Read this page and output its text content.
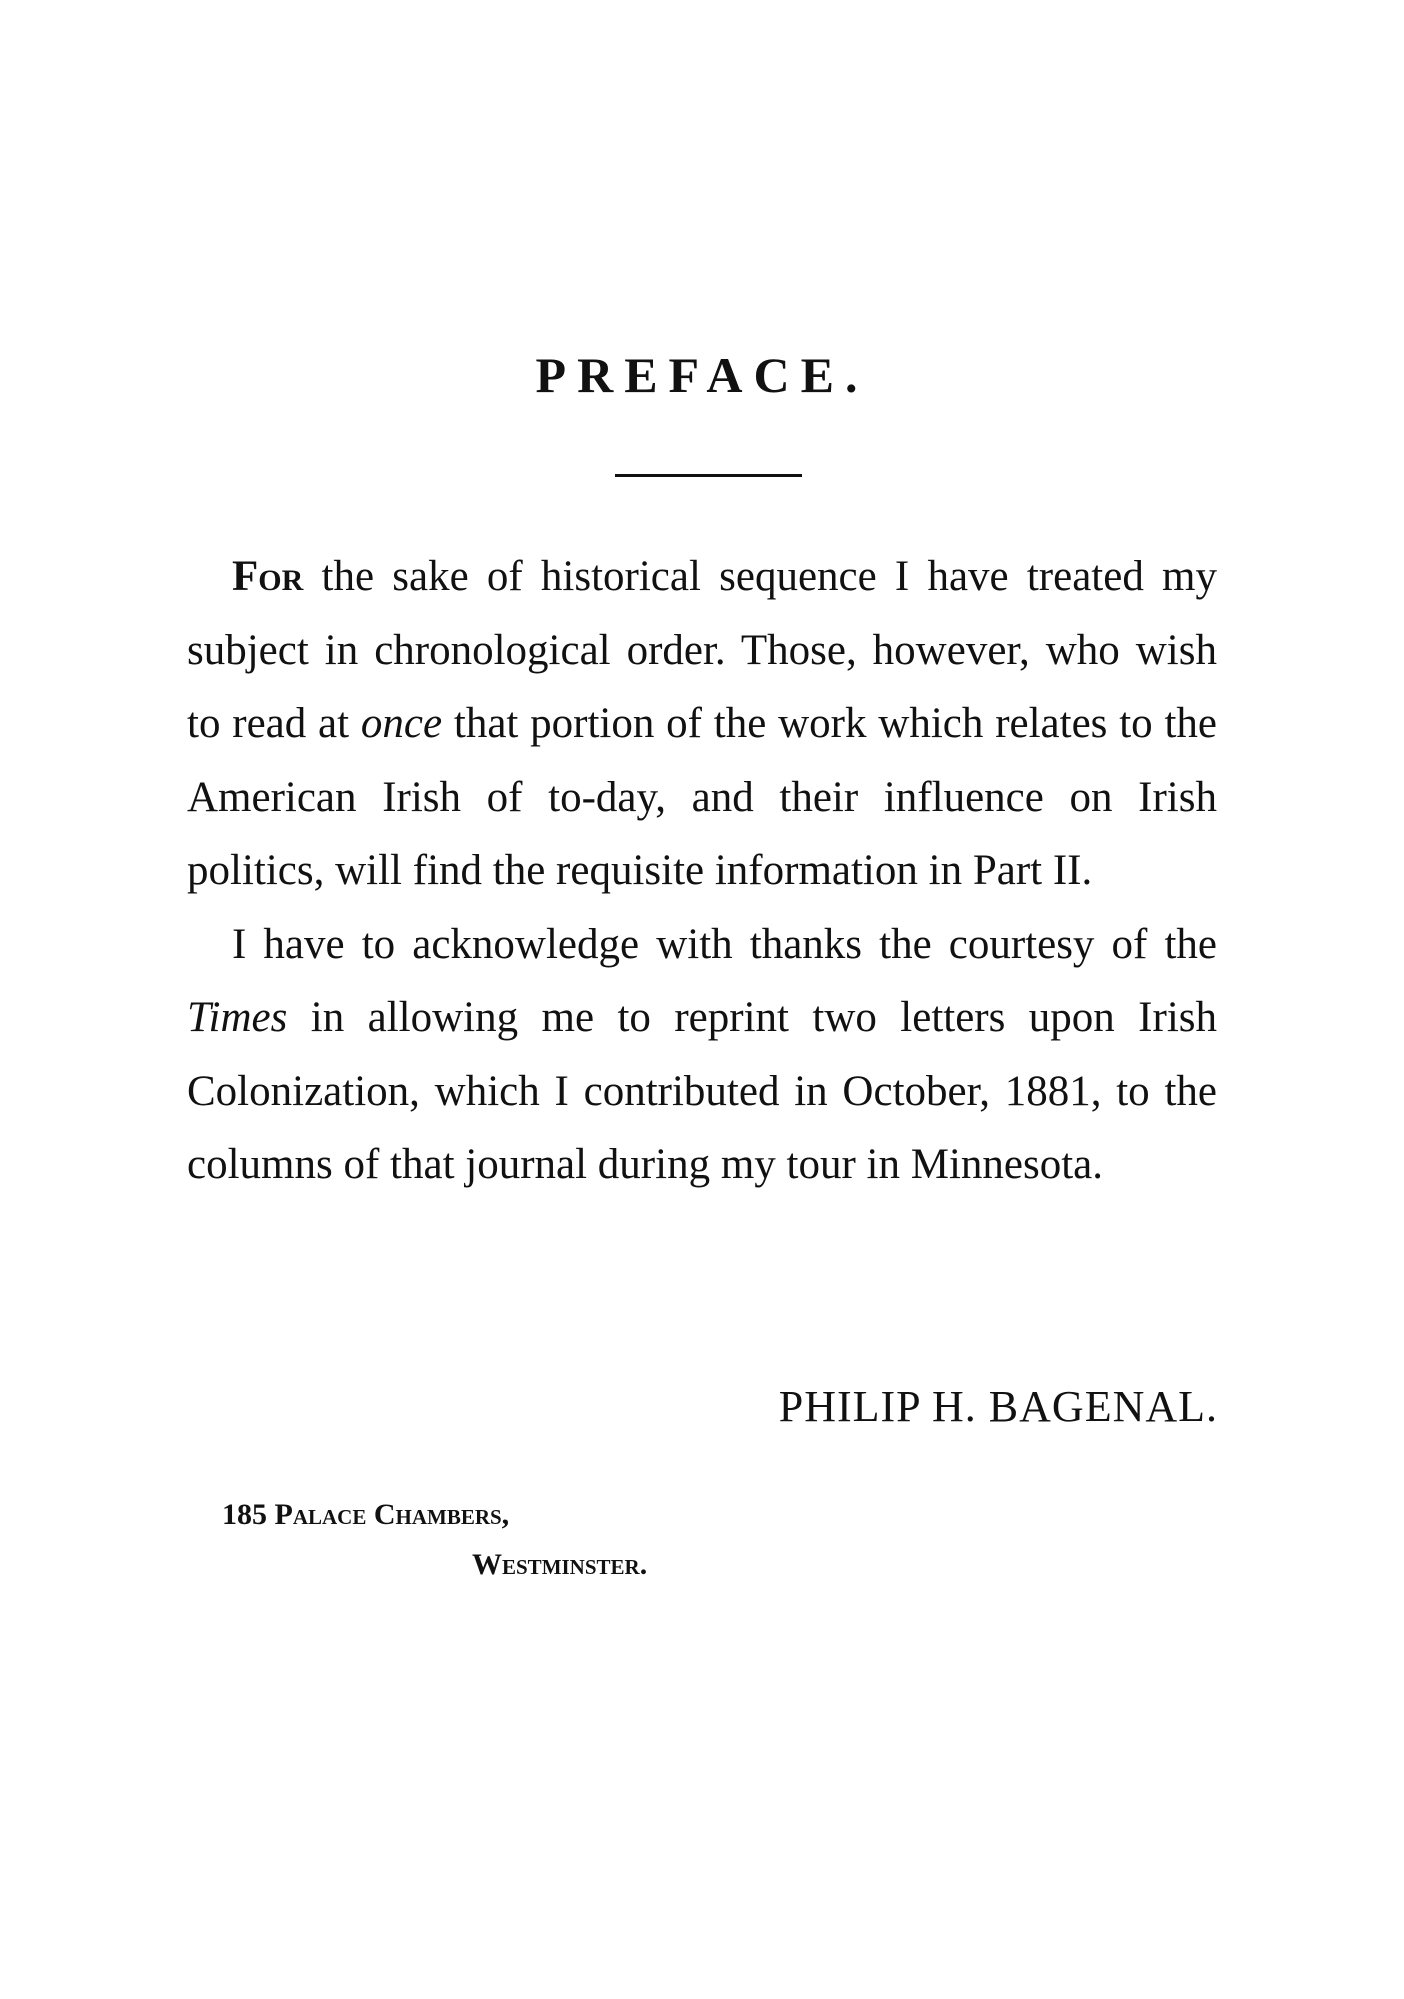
PREFACE.

For the sake of historical sequence I have treated my subject in chronological order. Those, however, who wish to read at once that portion of the work which relates to the American Irish of to-day, and their influence on Irish politics, will find the requisite information in Part II.

I have to acknowledge with thanks the courtesy of the Times in allowing me to reprint two letters upon Irish Colonization, which I contributed in October, 1881, to the columns of that journal during my tour in Minnesota.

PHILIP H. BAGENAL.
185 Palace Chambers,
Westminster.
